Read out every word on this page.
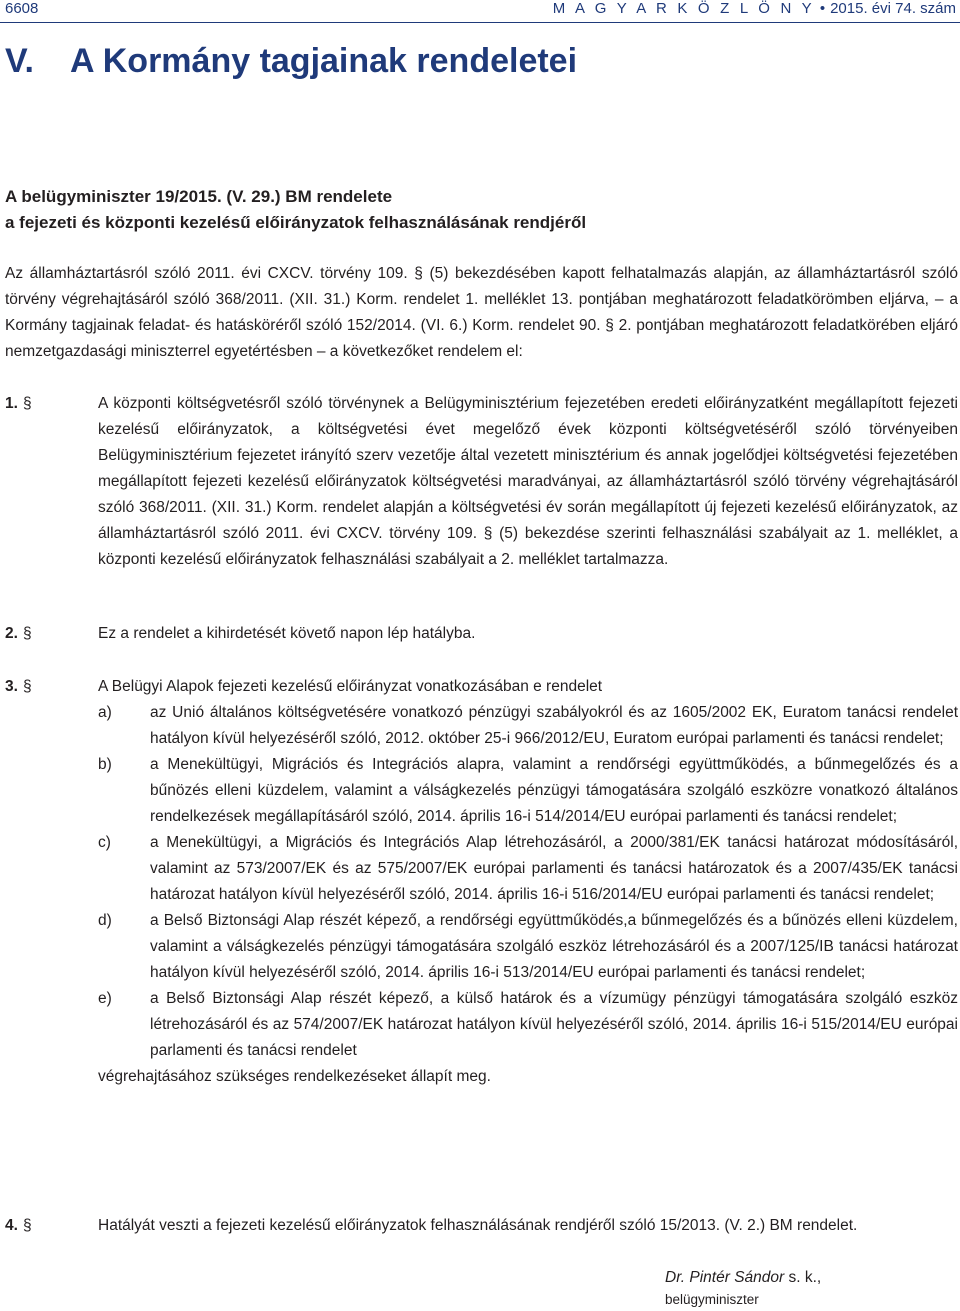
6608	M A G Y A R K Ö Z L Ö N Y • 2015. évi 74. szám
V. A Kormány tagjainak rendeletei
A belügyminiszter 19/2015. (V. 29.) BM rendelete
a fejezeti és központi kezelésű előirányzatok felhasználásának rendjéről
Az államháztartásról szóló 2011. évi CXCV. törvény 109. § (5) bekezdésében kapott felhatalmazás alapján, az államháztartásról szóló törvény végrehajtásáról szóló 368/2011. (XII. 31.) Korm. rendelet 1. melléklet 13. pontjában meghatározott feladatkörömben eljárva, – a Kormány tagjainak feladat- és hatásköréről szóló 152/2014. (VI. 6.) Korm. rendelet 90. § 2. pontjában meghatározott feladatkörében eljáró nemzetgazdasági miniszterrel egyetértésben – a következőket rendelem el:
1. §	A központi költségvetésről szóló törvénynek a Belügyminisztérium fejezetében eredeti előirányzatként megállapított fejezeti kezelésű előirányzatok, a költségvetési évet megelőző évek központi költségvetéséről szóló törvényeiben Belügyminisztérium fejezetet irányító szerv vezetője által vezetett minisztérium és annak jogelődjei költségvetési fejezetében megállapított fejezeti kezelésű előirányzatok költségvetési maradványai, az államháztartásról szóló törvény végrehajtásáról szóló 368/2011. (XII. 31.) Korm. rendelet alapján a költségvetési év során megállapított új fejezeti kezelésű előirányzatok, az államháztartásról szóló 2011. évi CXCV. törvény 109. § (5) bekezdése szerinti felhasználási szabályait az 1. melléklet, a központi kezelésű előirányzatok felhasználási szabályait a 2. melléklet tartalmazza.
2. §	Ez a rendelet a kihirdetését követő napon lép hatályba.
3. §	A Belügyi Alapok fejezeti kezelésű előirányzat vonatkozásában e rendelet
a) az Unió általános költségvetésére vonatkozó pénzügyi szabályokról és az 1605/2002 EK, Euratom tanácsi rendelet hatályon kívül helyezéséről szóló, 2012. október 25-i 966/2012/EU, Euratom európai parlamenti és tanácsi rendelet;
b) a Menekültügyi, Migrációs és Integrációs alapra, valamint a rendőrségi együttműködés, a bűnmegelőzés és a bűnözés elleni küzdelem, valamint a válságkezelés pénzügyi támogatására szolgáló eszközre vonatkozó általános rendelkezések megállapításáról szóló, 2014. április 16-i 514/2014/EU európai parlamenti és tanácsi rendelet;
c)	a Menekültügyi, a Migrációs és Integrációs Alap létrehozásáról, a 2000/381/EK tanácsi határozat módosításáról, valamint az 573/2007/EK és az 575/2007/EK európai parlamenti és tanácsi határozatok és a 2007/435/EK tanácsi határozat hatályon kívül helyezéséről szóló, 2014. április 16-i 516/2014/EU európai parlamenti és tanácsi rendelet;
d) a Belső Biztonsági Alap részét képező, a rendőrségi együttműködés,a bűnmegelőzés és a bűnözés elleni küzdelem, valamint a válságkezelés pénzügyi támogatására szolgáló eszköz létrehozásáról és a 2007/125/IB tanácsi határozat hatályon kívül helyezéséről szóló, 2014. április 16-i 513/2014/EU európai parlamenti és tanácsi rendelet;
e) a Belső Biztonsági Alap részét képező, a külső határok és a vízumügy pénzügyi támogatására szolgáló eszköz létrehozásáról és az 574/2007/EK határozat hatályon kívül helyezéséről szóló, 2014. április 16-i 515/2014/EU európai parlamenti és tanácsi rendelet
végrehajtásához szükséges rendelkezéseket állapít meg.
4. §	Hatályát veszti a fejezeti kezelésű előirányzatok felhasználásának rendjéről szóló 15/2013. (V. 2.) BM rendelet.
Dr. Pintér Sándor s. k.,
belügyminiszter
